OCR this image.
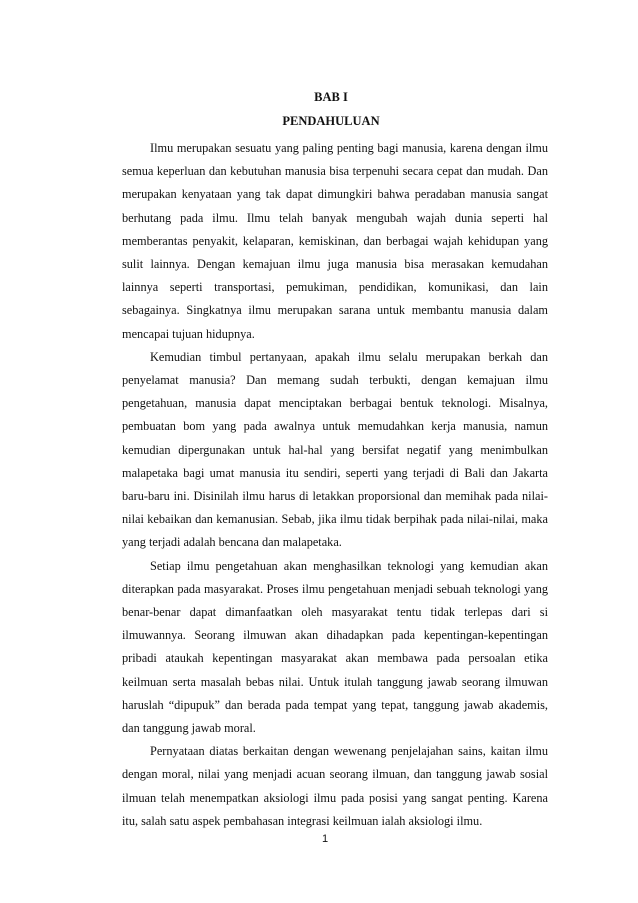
BAB I
PENDAHULUAN

Ilmu merupakan sesuatu yang paling penting bagi manusia, karena dengan ilmu semua keperluan dan kebutuhan manusia bisa terpenuhi secara cepat dan mudah. Dan merupakan kenyataan yang tak dapat dimungkiri bahwa peradaban manusia sangat berhutang pada ilmu. Ilmu telah banyak mengubah wajah dunia seperti hal memberantas penyakit, kelaparan, kemiskinan, dan berbagai wajah kehidupan yang sulit lainnya. Dengan kemajuan ilmu juga manusia bisa merasakan kemudahan lainnya seperti transportasi, pemukiman, pendidikan, komunikasi, dan lain sebagainya. Singkatnya ilmu merupakan sarana untuk membantu manusia dalam mencapai tujuan hidupnya.

Kemudian timbul pertanyaan, apakah ilmu selalu merupakan berkah dan penyelamat manusia? Dan memang sudah terbukti, dengan kemajuan ilmu pengetahuan, manusia dapat menciptakan berbagai bentuk teknologi. Misalnya, pembuatan bom yang pada awalnya untuk memudahkan kerja manusia, namun kemudian dipergunakan untuk hal-hal yang bersifat negatif yang menimbulkan malapetaka bagi umat manusia itu sendiri, seperti yang terjadi di Bali dan Jakarta baru-baru ini. Disinilah ilmu harus di letakkan proporsional dan memihak pada nilai- nilai kebaikan dan kemanusian. Sebab, jika ilmu tidak berpihak pada nilai-nilai, maka yang terjadi adalah bencana dan malapetaka.

Setiap ilmu pengetahuan akan menghasilkan teknologi yang kemudian akan diterapkan pada masyarakat. Proses ilmu pengetahuan menjadi sebuah teknologi yang benar-benar dapat dimanfaatkan oleh masyarakat tentu tidak terlepas dari si ilmuwannya. Seorang ilmuwan akan dihadapkan pada kepentingan-kepentingan pribadi ataukah kepentingan masyarakat akan membawa pada persoalan etika keilmuan serta masalah bebas nilai. Untuk itulah tanggung jawab seorang ilmuwan haruslah “dipupuk” dan berada pada tempat yang tepat, tanggung jawab akademis, dan tanggung jawab moral.

Pernyataan diatas berkaitan dengan wewenang penjelajahan sains, kaitan ilmu dengan moral, nilai yang menjadi acuan seorang ilmuan, dan tanggung jawab sosial ilmuan telah menempatkan aksiologi ilmu pada posisi yang sangat penting. Karena itu, salah satu aspek pembahasan integrasi keilmuan ialah aksiologi ilmu.

1
